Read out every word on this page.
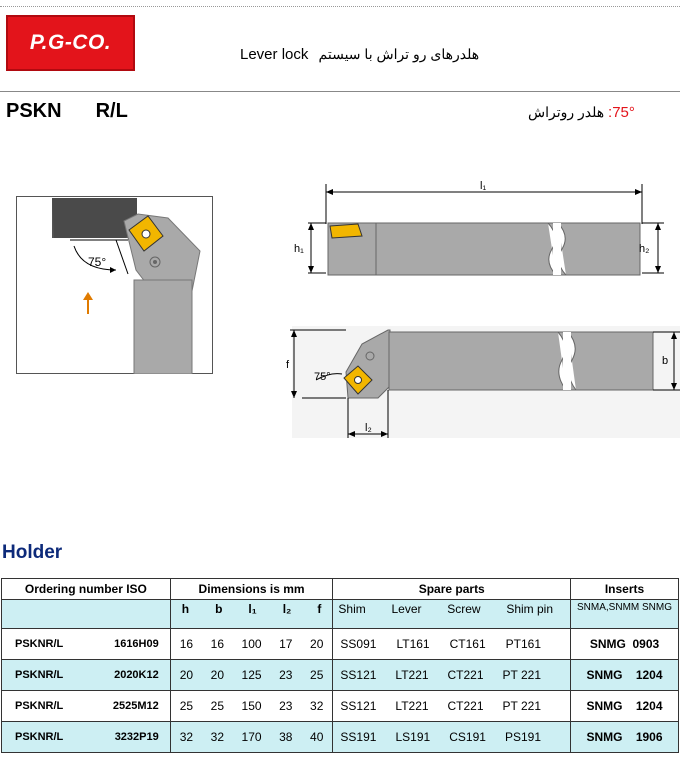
P.G-CO.
Lever lock هلدرهای رو تراش با سیستم
PSKN R/L	هلدر روتراش :75°
75°
l₁
h₁	h₂
b
f
75°
l₂
Holder
Ordering number ISO	Dimensions is mm	Spare parts	Inserts

	h b l₁ l₂ f	Shim Lever Screw Shim pin	SNMA,SNMM SNMG

PSKNR/L 1616H09	16 16 100 17 20	SS091 LT161 CT161 PT161	SNMG  0903

PSKNR/L 2020K12	20 20 125 23 25	SS121 LT221 CT221 PT 221	SNMG    1204

PSKNR/L 2525M12	25 25 150 23 32	SS121 LT221 CT221 PT 221	SNMG    1204

PSKNR/L 3232P19	32 32 170 38 40	SS191 LS191 CS191 PS191	SNMG    1906
